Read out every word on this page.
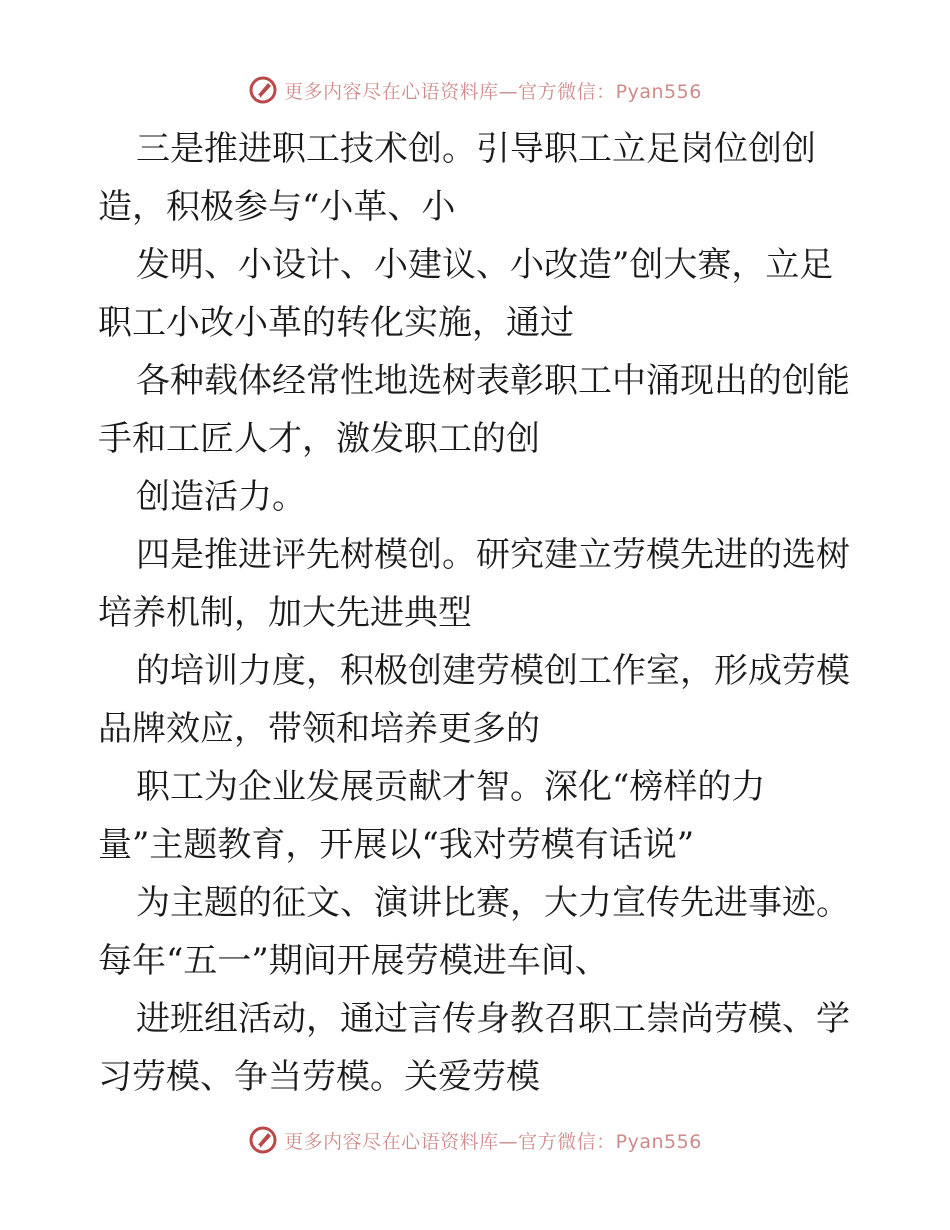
更多内容尽在心语资料库—官方微信：Pyan556
三是推进职工技术创。引导职工立足岗位创创
造，积极参与“小革、小
发明、小设计、小建议、小改造”创大赛，立足
职工小改小革的转化实施，通过
各种载体经常性地选树表彰职工中涌现出的创能
手和工匠人才，激发职工的创
创造活力。
四是推进评先树模创。研究建立劳模先进的选树
培养机制，加大先进典型
的培训力度，积极创建劳模创工作室，形成劳模
品牌效应，带领和培养更多的
职工为企业发展贡献才智。深化“榜样的力
量”主题教育，开展以“我对劳模有话说”
为主题的征文、演讲比赛，大力宣传先进事迹。
每年“五一”期间开展劳模进车间、
进班组活动，通过言传身教召职工崇尚劳模、学
习劳模、争当劳模。关爱劳模
更多内容尽在心语资料库—官方微信：Pyan556
